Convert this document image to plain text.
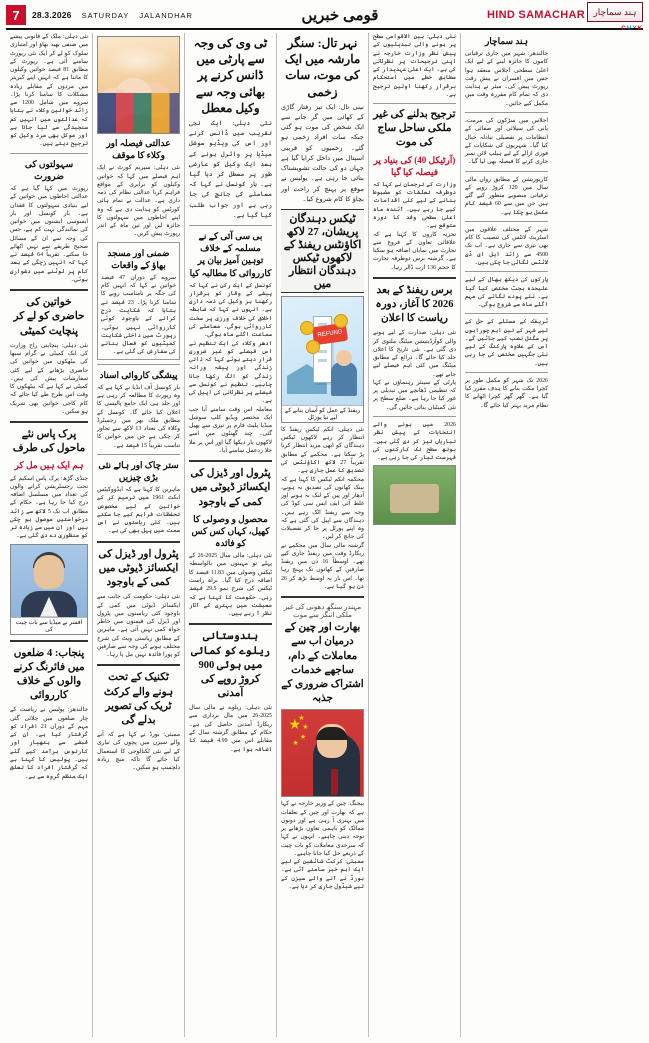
7	28.3.2026 SATURDAY JALANDHAR	قومی خبریں	HIND SAMACHAR ہند سماچار
CMYK
نئی دہلی: ملک کے قانونی پیشے میں صنفی بھید بھاؤ اور امتیازی سلوک کو لے کر ایک نئی رپورٹ سامنے آئی ہے۔ رپورٹ کے مطابق 81 فیصد خواتین وکیلوں کا ماننا ہے کہ انہیں اپنے کیریئر میں مردوں کے مقابلے زیادہ مشکلات کا سامنا کرنا پڑا۔ سروے میں شامل 1200 سے زائد خواتین وکلاء نے بتایا کہ عدالتوں میں انہیں کم سنجیدگی سے لیا جاتا ہے اور موکل بھی مرد وکیل کو ترجیح دیتے ہیں۔
سہولتوں کی ضرورت
رپورٹ میں کہا گیا ہے کہ عدالتی احاطوں میں خواتین کے لیے بنیادی سہولتوں کا فقدان ہے۔ بار کونسل اور بار ایسوسی ایشنوں میں خواتین کی نمائندگی بہت کم ہے، جس کی وجہ سے ان کے مسائل صحیح طریقے سے نہیں اٹھائے جا سکتے۔ تقریباً 64 فیصد نے کہا کہ انہیں زچگی کے بعد کام پر لوٹنے میں دشواری ہوئی۔
خواتین کی حاضری کو لے کر پنچایت کمیٹی
نئی دہلی: پنچایتی راج وزارت کی ایک کمیٹی نے گرام سبھا کی بیٹھکوں میں خواتین کی حاضری بڑھانے کے لیے کئی سفارشات پیش کی ہیں۔ کمیٹی نے کہا ہے کہ بیٹھکوں کا وقت اس طرح طے کیا جائے کہ کام کاجی خواتین بھی شریک ہو سکیں۔
پرک پاس نئے ماحول کی طرف
ہم ایک ہیں مل کر
چنڈی گڑھ: پرک پاس اسکیم کے تحت رجسٹریشن کرانے والوں کی تعداد میں مسلسل اضافہ درج کیا جا رہا ہے۔ حکام کے مطابق اب تک 5 لاکھ سے زائد درخواستیں موصول ہو چکی ہیں اور ان میں سے زیادہ تر کو منظوری دے دی گئی ہے۔
افسر نے میڈیا سے بات چیت کی
پنجاب: 4 ضلعوں میں فائرنگ کرنے والوں کے خلاف کارروائی
جالندھر: پولیس نے ریاست کے چار ضلعوں میں چلائی گئی مہم کے دوران 21 افراد کو گرفتار کیا ہے۔ ان کے قبضے سے ہتھیار اور کارتوس برآمد کیے گئے ہیں۔ پولیس کا کہنا ہے کہ گرفتار افراد کا تعلق ایک منظم گروہ سے ہے۔
عدالتی فیصلہ اور وکلاء کا موقف
نئی دہلی: سپریم کورٹ نے ایک اہم فیصلے میں کہا کہ خواتین وکیلوں کو برابری کے مواقع فراہم کرنا عدالتی نظام کی ذمہ داری ہے۔ عدالت نے تمام ہائی کورٹس کو ہدایت دی ہے کہ وہ اپنے احاطوں میں سہولتوں کا جائزہ لیں اور تین ماہ کے اندر رپورٹ پیش کریں۔
ضمنی اور مسجد بھاؤ کے واقعات
سروے کے دوران 47 فیصد خواتین نے کہا کہ انہیں کام کی جگہ پر نامناسب رویے کا سامنا کرنا پڑا۔ 23 فیصد نے بتایا کہ شکایت درج کرانے کے باوجود کوئی کارروائی نہیں ہوئی۔ رپورٹ میں داخلی شکایت کمیٹیوں کو فعال بنانے کی سفارش کی گئی ہے۔
پیشگی کاروائی اسناد
بار کونسل آف انڈیا نے کہا ہے کہ وہ رپورٹ کا مطالعہ کر رہی ہے اور جلد ہی ایک جامع پالیسی کا اعلان کیا جائے گا۔ کونسل کے مطابق ملک بھر میں رجسٹرڈ وکلاء کی تعداد 13 لاکھ سے تجاوز کر چکی ہے جن میں خواتین کا تناسب تقریباً 15 فیصد ہے۔
ستر چاک اور ہائے نئی بڑی چیزیں
ماہرین کا کہنا ہے کہ ایڈووکیٹس ایکٹ 1961 میں ترمیم کر کے خواتین کے لیے مخصوص تحفظات فراہم کیے جا سکتے ہیں۔ کئی ریاستوں نے اس سمت میں پہل بھی کی ہے۔
پٹرول اور ڈیزل کی ایکسائز ڈیوٹی میں کمی کے باوجود
نئی دہلی: حکومت کی جانب سے ایکسائز ڈیوٹی میں کمی کے باوجود کئی ریاستوں میں پٹرول اور ڈیزل کی قیمتوں میں خاطر خواہ کمی نہیں آئی ہے۔ ماہرین کے مطابق ریاستی ویٹ کی شرح مختلف ہونے کی وجہ سے صارفین کو پورا فائدہ نہیں مل پا رہا۔
ٹکنیک کے تحت ہونے والے کرکٹ ٹریک کی تصویر بدلے گی
ممبئی: بورڈ نے کہا ہے کہ آنے والے سیزن میں پچوں کی تیاری کے لیے نئی ٹکنالوجی کا استعمال کیا جائے گا تاکہ میچ زیادہ دلچسپ ہو سکیں۔
ٹی وی کی وجہ سے پارٹی میں ڈانس کرنے پر بھائی وجہ سے وکیل معطل
نئی دہلی: ایک نجی تقریب میں ڈانس کرنے اور اس کی ویڈیو سوشل میڈیا پر وائرل ہونے کے بعد ایک وکیل کو عارضی طور پر معطل کر دیا گیا ہے۔ بار کونسل نے کہا کہ معاملے کی جانچ کی جا رہی ہے اور جواب طلب کیا گیا ہے۔
بی سی آئی کے نے مسلمہ کے خلاف توہین آمیز بیان پر کارروائی کا مطالبہ کیا
کونسل کے ایک رکن نے کہا کہ پیشے کے وقار کو برقرار رکھنا ہر وکیل کی ذمہ داری ہے۔ انہوں نے کہا کہ ضابطہ اخلاق کی خلاف ورزی پر سخت کارروائی ہوگی۔ معاملے کی سماعت اگلے ماہ ہوگی۔
ادھر وکلاء کی ایک تنظیم نے اس فیصلے کو غیر ضروری قرار دیتے ہوئے کہا کہ ذاتی زندگی اور پیشہ ورانہ زندگی کو الگ رکھا جانا چاہیے۔ تنظیم نے کونسل سے فیصلے پر نظرثانی کی اپیل کی ہے۔
معاملہ اس وقت سامنے آیا جب ایک مختصر ویڈیو کلپ سوشل میڈیا پلیٹ فارم پر تیزی سے پھیل گئی۔ چند گھنٹوں میں اسے لاکھوں بار دیکھا گیا اور اس پر ملا جلا ردعمل سامنے آیا۔
پٹرول اور ڈیزل کی ایکسائز ڈیوٹی میں کمی کے باوجود
محصول و وصولی کا کھیل، کہاں کس کس کو فائدہ
نئی دہلی: مالی سال 2025-26 کے پہلے نو مہینوں میں بالواسطہ ٹیکس وصولی میں 11.83 فیصد کا اضافہ درج کیا گیا۔ براہ راست ٹیکس کی شرح نمو 29.5 فیصد رہی۔ حکومت کا کہنا ہے کہ معیشت میں بہتری کے آثار نظر آ رہے ہیں۔
ہندوستانی ریلوے کو کمائی میں ہوئی 900 کروڑ روپے کی آمدنی
نئی دہلی: ریلوے نے مالی سال 2025-26 میں مال برداری سے ریکارڈ آمدنی حاصل کی ہے۔ حکام کے مطابق گزشتہ سال کے مقابلے اس میں 4.99 فیصد کا اضافہ ہوا ہے۔
نہر تال: سنگر مارشہ میں ایک کی موت، سات زخمی
نینی تال: ایک تیز رفتار گاڑی کے کھائی میں گر جانے سے ایک شخص کی موت ہو گئی جبکہ سات افراد زخمی ہو گئے۔ زخمیوں کو قریبی اسپتال میں داخل کرایا گیا ہے جہاں دو کی حالت تشویشناک بتائی جا رہی ہے۔ پولیس نے موقع پر پہنچ کر راحت اور بچاؤ کا کام شروع کیا۔
ٹیکس دہندگان پریشان، 27 لاکھ اکاؤنٹس ریفنڈ کے لاکھوں ٹیکس دہندگان انتظار میں
REFUND
ریفنڈ کے عمل کو آسان بنانے کے لیے نیا پورٹل
نئی دہلی: انکم ٹیکس ریفنڈ کا انتظار کر رہے لاکھوں ٹیکس دہندگان کو ابھی مزید انتظار کرنا پڑ سکتا ہے۔ محکمے کے مطابق تقریباً 27 لاکھ اکاؤنٹس کی تصدیق کا عمل جاری ہے۔
محکمہ انکم ٹیکس کا کہنا ہے کہ بینک کھاتوں کی تصدیق نہ ہونے، آدھار اور پین کے لنک نہ ہونے اور غلط آئی ایف ایس سی کوڈ کی وجہ سے ریفنڈ اٹک رہے ہیں۔ دہندگان سے اپیل کی گئی ہے کہ وہ اپنے پورٹل پر جا کر تفصیلات کی جانچ کر لیں۔
گزشتہ مالی سال میں محکمے نے ریکارڈ وقت میں ریفنڈ جاری کیے تھے۔ اوسطاً 16 دن میں ریفنڈ صارفین کے کھاتوں تک پہنچ رہا تھا۔ اس بار یہ اوسط بڑھ کر 26 دن ہو گیا ہے۔
مہندر سنگھ دھونی کی غیر ملکی اننگز سے موت
بھارت اور چین کے درمیان اب سے معاملات کے دام، ساجھے خدمات اشتراک ضروری کے جذبہ
★
★
★
★
★
بیجنگ: چین کے وزیر خارجہ نے کہا ہے کہ بھارت اور چین کے تعلقات میں بہتری آ رہی ہے اور دونوں ممالک کو باہمی تعاون بڑھانے پر توجہ دینی چاہیے۔ انہوں نے کہا کہ سرحدی معاملات کو بات چیت کے ذریعے حل کیا جانا چاہیے۔
ممبئی: کرکٹ شائقین کے لیے ایک اہم خبر سامنے آئی ہے۔ بورڈ نے آنے والے سیزن کے لیے شیڈول جاری کر دیا ہے۔
نئی دہلی: بین الاقوامی سطح پر ہونے والی تبدیلیوں کے پیش نظر وزارت خارجہ نے اپنی ترجیحات پر نظرثانی کی ہے۔ ایک اعلیٰ عہدیدار کے مطابق خطے میں استحکام برقرار رکھنا اولین ترجیح ہے۔
ترجیح بدلنے کی غیر ملکی ساحل ساج کی موت
(آرٹیکل 40) کی بنیاد پر فیصلہ کیا گیا
وزارت کے ترجمان نے کہا کہ دوطرفہ تعلقات کو مضبوط بنانے کے لیے کئی اقدامات کیے جا رہے ہیں۔ آئندہ ماہ اعلیٰ سطحی وفد کا دورہ متوقع ہے۔
تجزیہ کاروں کا کہنا ہے کہ علاقائی تعاون کے فروغ سے تجارت میں نمایاں اضافہ ہو سکتا ہے۔ گزشتہ برس دوطرفہ تجارت کا حجم 136 ارب ڈالر رہا۔
برس ریفنڈ کے بعد 2026 کا آغاز، دورہ ریاست کا اعلان
نئی دہلی: صدارت کے لیے ہونے والی کوآرڈینیشن میٹنگ ملتوی کر دی گئی ہے۔ نئی تاریخ کا اعلان جلد کیا جائے گا۔ ذرائع کے مطابق میٹنگ میں کئی اہم فیصلے لیے جانے تھے۔
پارٹی کے سینئر رہنماؤں نے کہا کہ تنظیمی ڈھانچے میں تبدیلی پر غور کیا جا رہا ہے۔ ضلع سطح پر نئی کمیٹیاں بنائی جائیں گی۔
2026 میں ہونے والے انتخابات کے پیش نظر تیاریاں تیز کر دی گئی ہیں۔ بوتھ سطح تک کارکنوں کی فہرست تیار کی جا رہی ہے۔
ہند سماچار
جالندھر: شہر میں جاری ترقیاتی کاموں کا جائزہ لینے کے لیے ایک اعلیٰ سطحی اجلاس منعقد ہوا جس میں افسران نے پیش رفت رپورٹ پیش کی۔ میئر نے ہدایت دی کہ تمام کام مقررہ وقت میں مکمل کیے جائیں۔
اجلاس میں سڑکوں کی مرمت، پانی کی سپلائی اور صفائی کے انتظامات پر تفصیلی تبادلہ خیال کیا گیا۔ شہریوں کی شکایات کے فوری ازالے کے لیے ہیلپ لائن نمبر جاری کرنے کا فیصلہ بھی لیا گیا۔
کارپوریشن کے مطابق رواں مالی سال میں 120 کروڑ روپے کے ترقیاتی منصوبے منظور کیے گئے ہیں جن میں سے 60 فیصد کام مکمل ہو چکا ہے۔
شہر کے مختلف علاقوں میں اسٹریٹ لائٹس کی تنصیب کا کام بھی تیزی سے جاری ہے۔ اب تک 4500 سے زائد ایل ای ڈی لائٹس لگائی جا چکی ہیں۔
پارکوں کی دیکھ بھال کے لیے علیحدہ بجٹ مختص کیا گیا ہے۔ نئے پودے لگانے کی مہم اگلے ماہ سے شروع ہوگی۔
ٹریفک کے مسئلے کے حل کے لیے شہر کے تین اہم چوراہوں پر سگنل نصب کیے جائیں گے۔ اس کے علاوہ پارکنگ کے لیے نئی جگہیں مختص کی جا رہی ہیں۔
2026 تک شہر کو مکمل طور پر کچرا مکت بنانے کا ہدف مقرر کیا گیا ہے۔ گھر گھر کچرا اٹھانے کا نظام مزید بہتر کیا جائے گا۔
